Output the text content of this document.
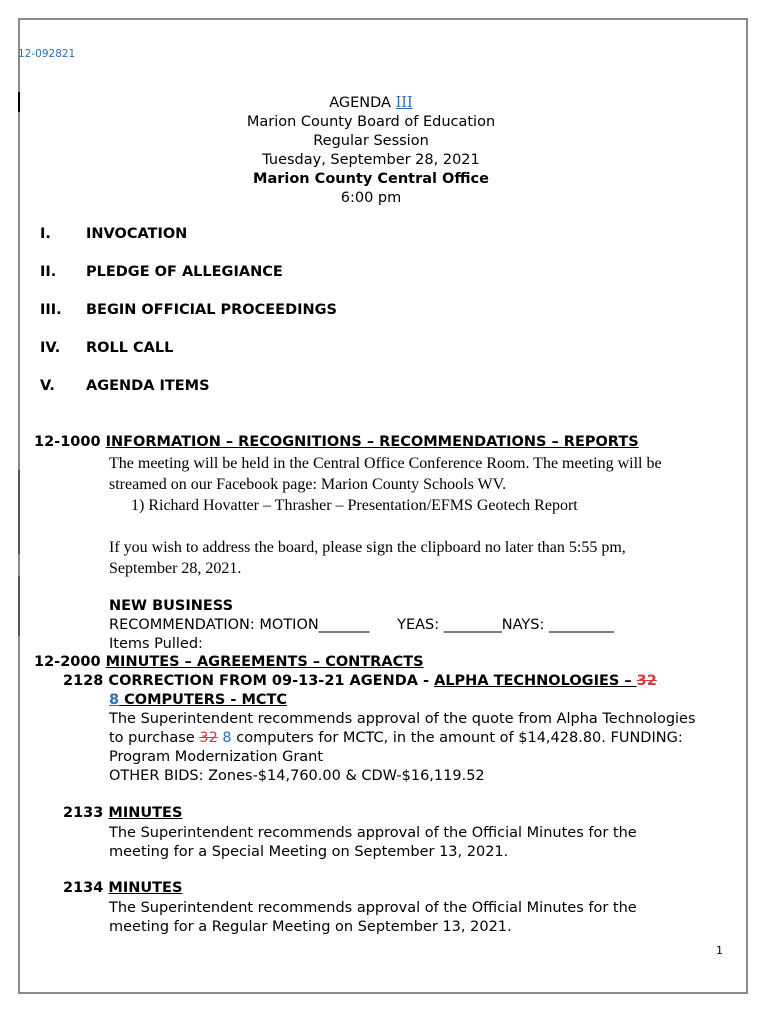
12-092821
AGENDA III
Marion County Board of Education
Regular Session
Tuesday, September 28, 2021
Marion County Central Office
6:00 pm
I. INVOCATION
II. PLEDGE OF ALLEGIANCE
III. BEGIN OFFICIAL PROCEEDINGS
IV. ROLL CALL
V. AGENDA ITEMS
12-1000 INFORMATION – RECOGNITIONS – RECOMMENDATIONS – REPORTS
The meeting will be held in the Central Office Conference Room. The meeting will be
streamed on our Facebook page: Marion County Schools WV.
1) Richard Hovatter – Thrasher – Presentation/EFMS Geotech Report
If you wish to address the board, please sign the clipboard no later than 5:55 pm,
September 28, 2021.
NEW BUSINESS
RECOMMENDATION: MOTION_______      YEAS: ________NAYS: _________
Items Pulled:
12-2000 MINUTES – AGREEMENTS – CONTRACTS
2128 CORRECTION FROM 09-13-21 AGENDA - ALPHA TECHNOLOGIES – 32
8 COMPUTERS - MCTC
The Superintendent recommends approval of the quote from Alpha Technologies
to purchase 32 8 computers for MCTC, in the amount of $14,428.80. FUNDING:
Program Modernization Grant
OTHER BIDS: Zones-$14,760.00 & CDW-$16,119.52
2133 MINUTES
The Superintendent recommends approval of the Official Minutes for the
meeting for a Special Meeting on September 13, 2021.
2134 MINUTES
The Superintendent recommends approval of the Official Minutes for the
meeting for a Regular Meeting on September 13, 2021.
1
